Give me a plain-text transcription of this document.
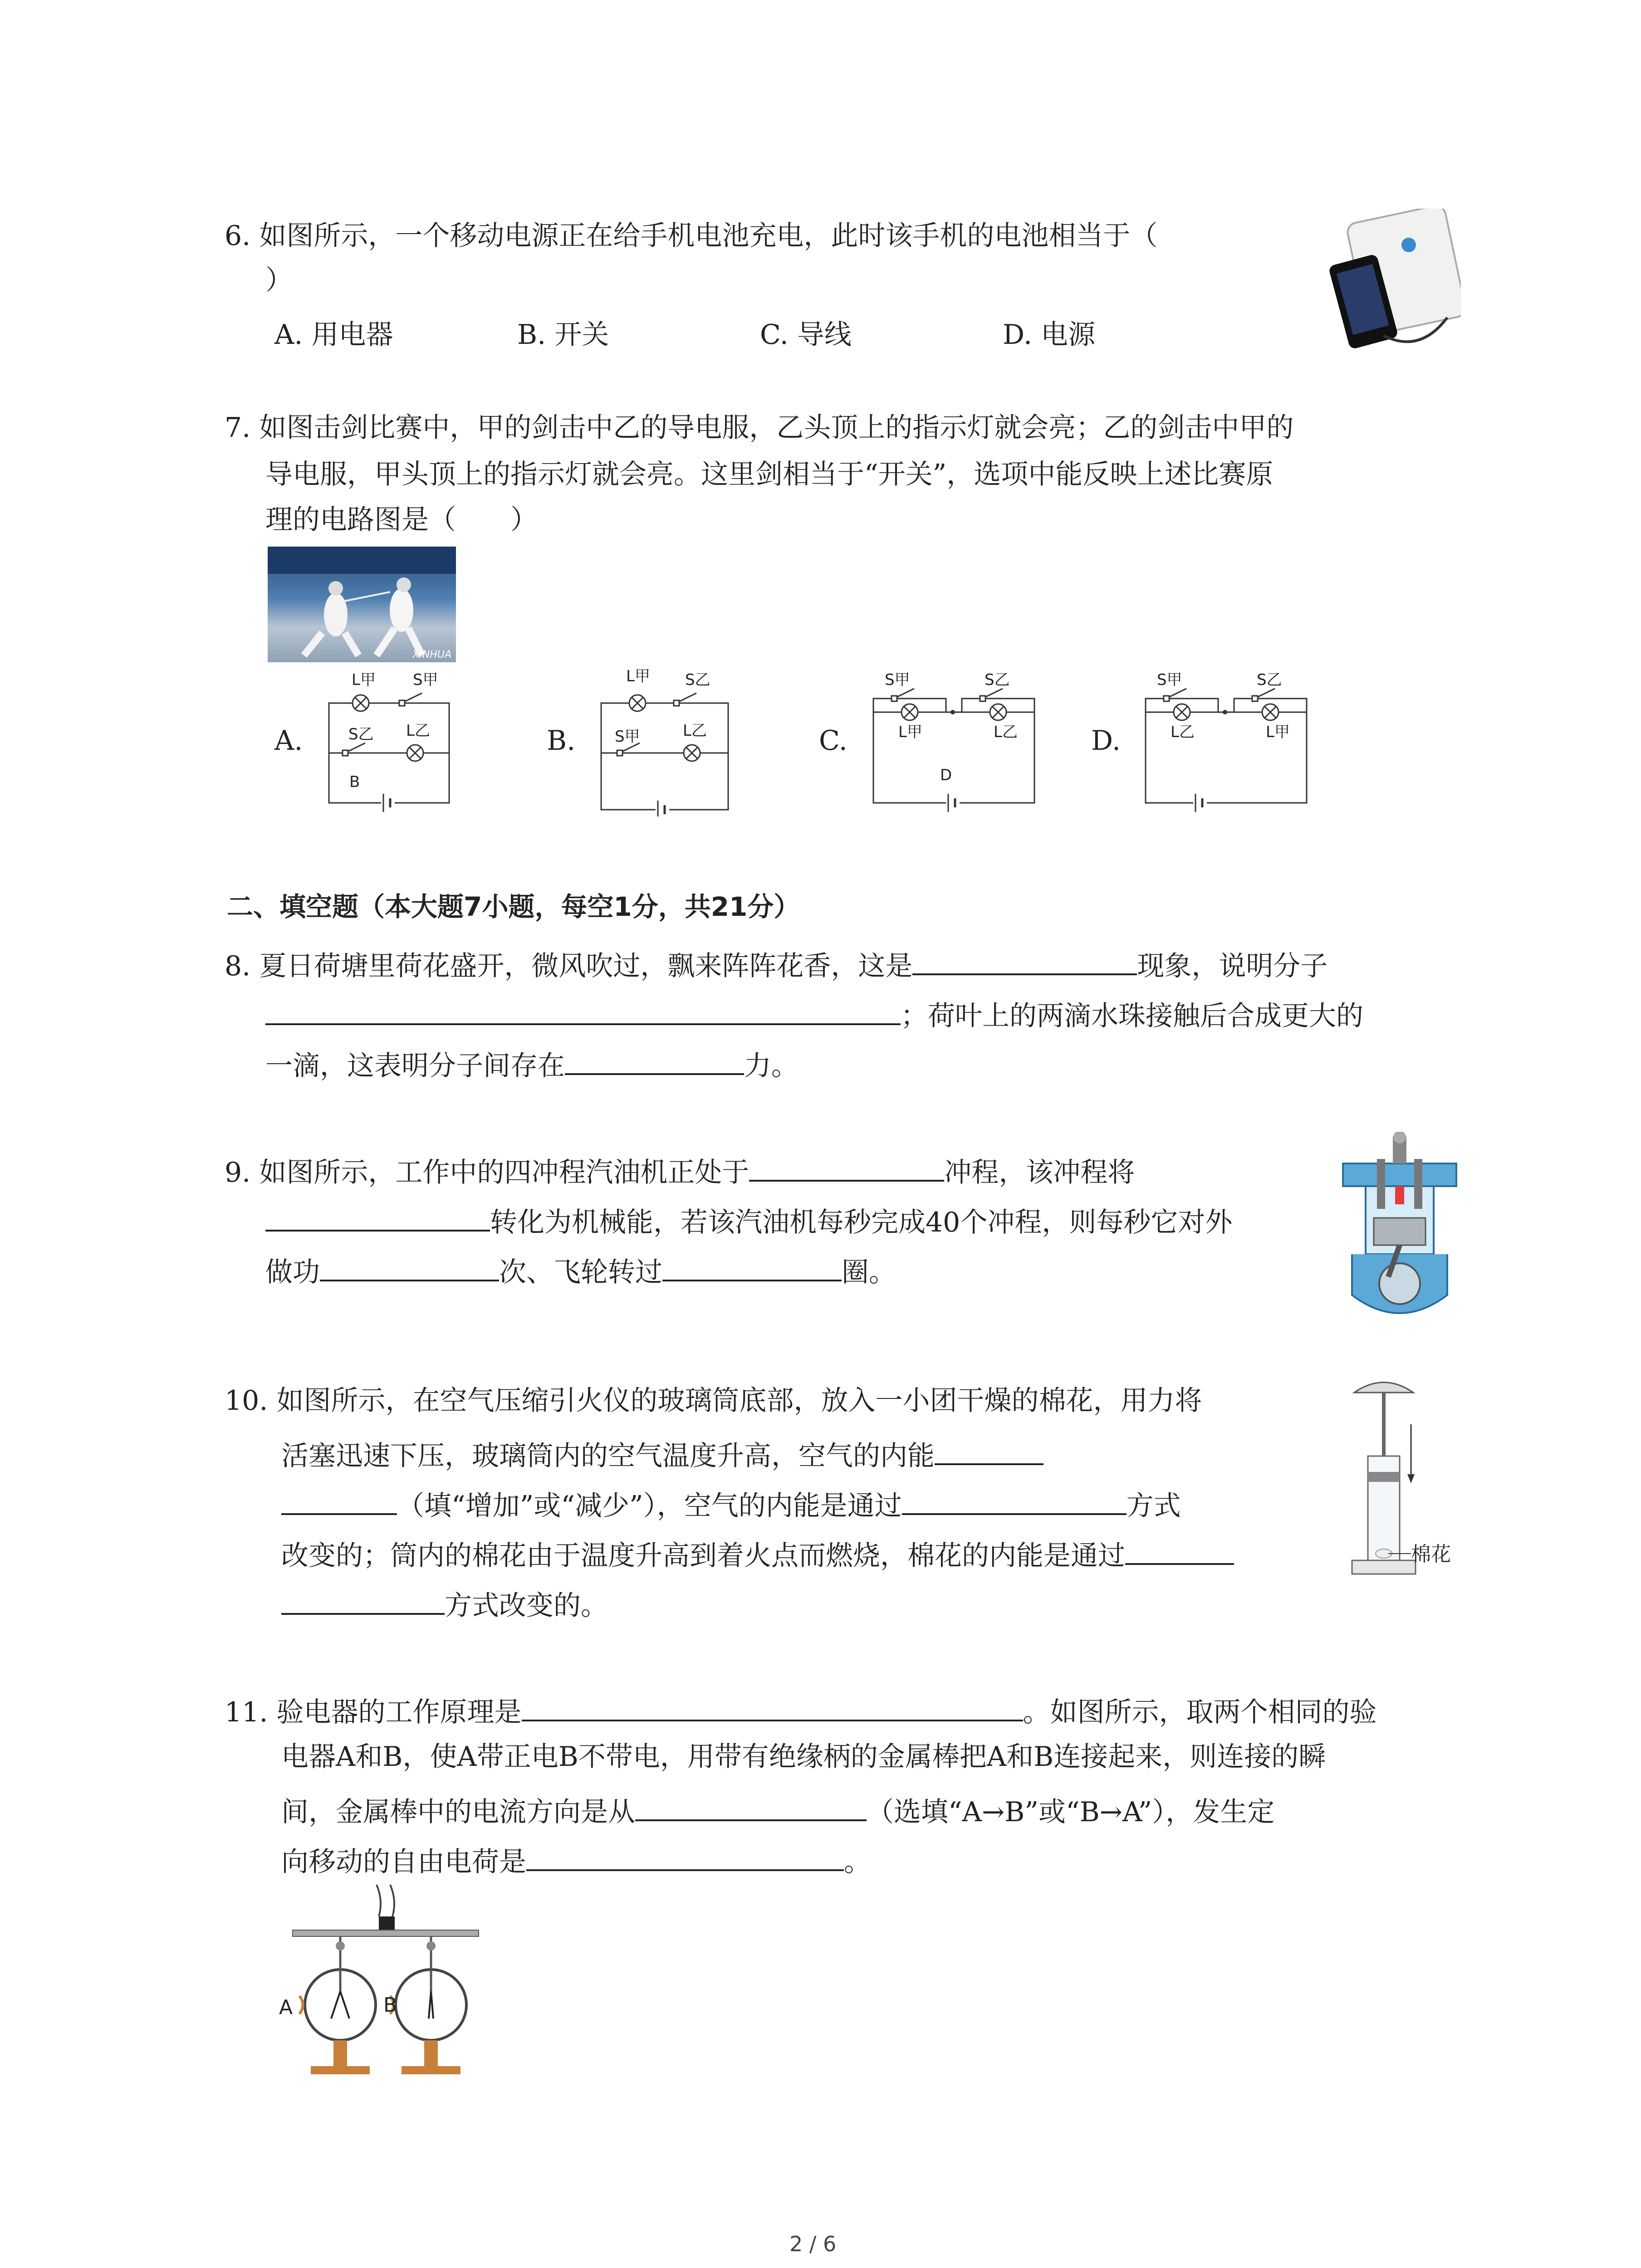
6. 如图所示，一个移动电源正在给手机电池充电，此时该手机的电池相当于（
）
A. 用电器	B. 开关	C. 导线	D. 电源
7. 如图击剑比赛中，甲的剑击中乙的导电服，乙头顶上的指示灯就会亮；乙的剑击中甲的
导电服，甲头顶上的指示灯就会亮。这里剑相当于“开关”，选项中能反映上述比赛原
理的电路图是（　　）
XINHUA
A.	B.	C.	D.
L甲 S甲
S乙 L乙
B
L甲 S乙
S甲	L乙
S甲	S乙
L甲	L乙
D
S甲	S乙
L乙	L甲
二、填空题（本大题7小题，每空1分，共21分）
8. 夏日荷塘里荷花盛开，微风吹过，飘来阵阵花香，这是	现象，说明分子
；荷叶上的两滴水珠接触后合成更大的
一滴，这表明分子间存在	力。
9. 如图所示，工作中的四冲程汽油机正处于	冲程，该冲程将
转化为机械能，若该汽油机每秒完成40个冲程，则每秒它对外
做功	次、飞轮转过	圈。
10. 如图所示，在空气压缩引火仪的玻璃筒底部，放入一小团干燥的棉花，用力将
活塞迅速下压，玻璃筒内的空气温度升高，空气的内能
（填“增加”或“减少”），空气的内能是通过	方式
改变的；筒内的棉花由于温度升高到着火点而燃烧，棉花的内能是通过
方式改变的。
棉花
11. 验电器的工作原理是	。如图所示，取两个相同的验
电器A和B，使A带正电B不带电，用带有绝缘柄的金属棒把A和B连接起来，则连接的瞬
间，金属棒中的电流方向是从	（选填“A→B”或“B→A”），发生定
向移动的自由电荷是	。
A	B
2 / 6
